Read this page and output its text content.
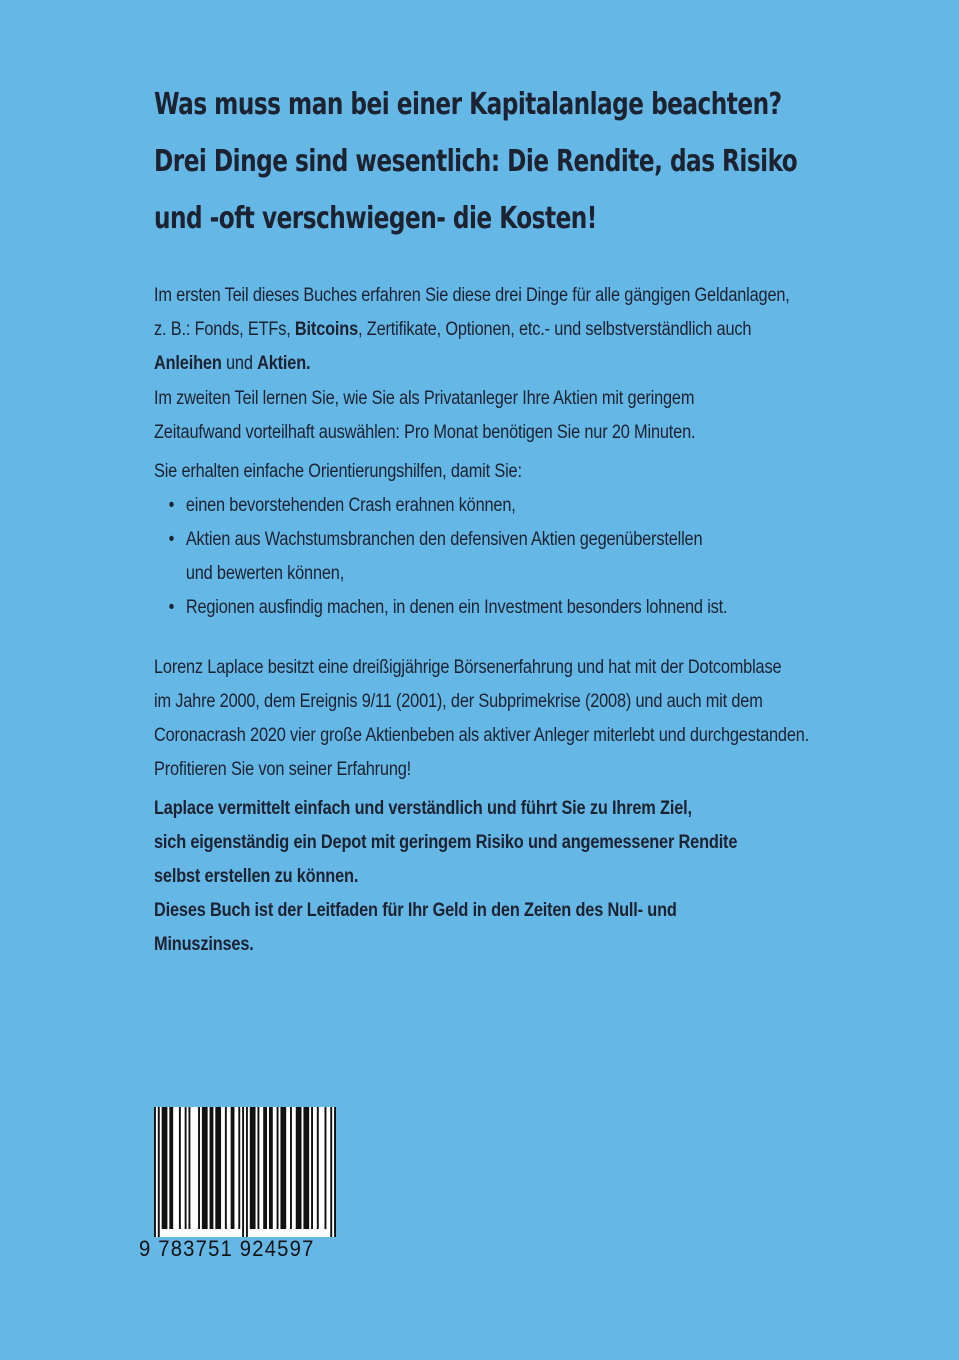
Was muss man bei einer Kapitalanlage beachten?
Drei Dinge sind wesentlich: Die Rendite, das Risiko
und -oft verschwiegen- die Kosten!
Im ersten Teil dieses Buches erfahren Sie diese drei Dinge für alle gängigen Geldanlagen,
z. B.: Fonds, ETFs, Bitcoins, Zertifikate, Optionen, etc.- und selbstverständlich auch
Anleihen und Aktien.
Im zweiten Teil lernen Sie, wie Sie als Privatanleger Ihre Aktien mit geringem
Zeitaufwand vorteilhaft auswählen: Pro Monat benötigen Sie nur 20 Minuten.
Sie erhalten einfache Orientierungshilfen, damit Sie:
• einen bevorstehenden Crash erahnen können,
• Aktien aus Wachstumsbranchen den defensiven Aktien gegenüberstellen
und bewerten können,
• Regionen ausfindig machen, in denen ein Investment besonders lohnend ist.
Lorenz Laplace besitzt eine dreißigjährige Börsenerfahrung und hat mit der Dotcomblase
im Jahre 2000, dem Ereignis 9/11 (2001), der Subprimekrise (2008) und auch mit dem
Coronacrash 2020 vier große Aktienbeben als aktiver Anleger miterlebt und durchgestanden.
Profitieren Sie von seiner Erfahrung!
Laplace vermittelt einfach und verständlich und führt Sie zu Ihrem Ziel,
sich eigenständig ein Depot mit geringem Risiko und angemessener Rendite
selbst erstellen zu können.
Dieses Buch ist der Leitfaden für Ihr Geld in den Zeiten des Null- und
Minuszinses.
9 783751 924597
